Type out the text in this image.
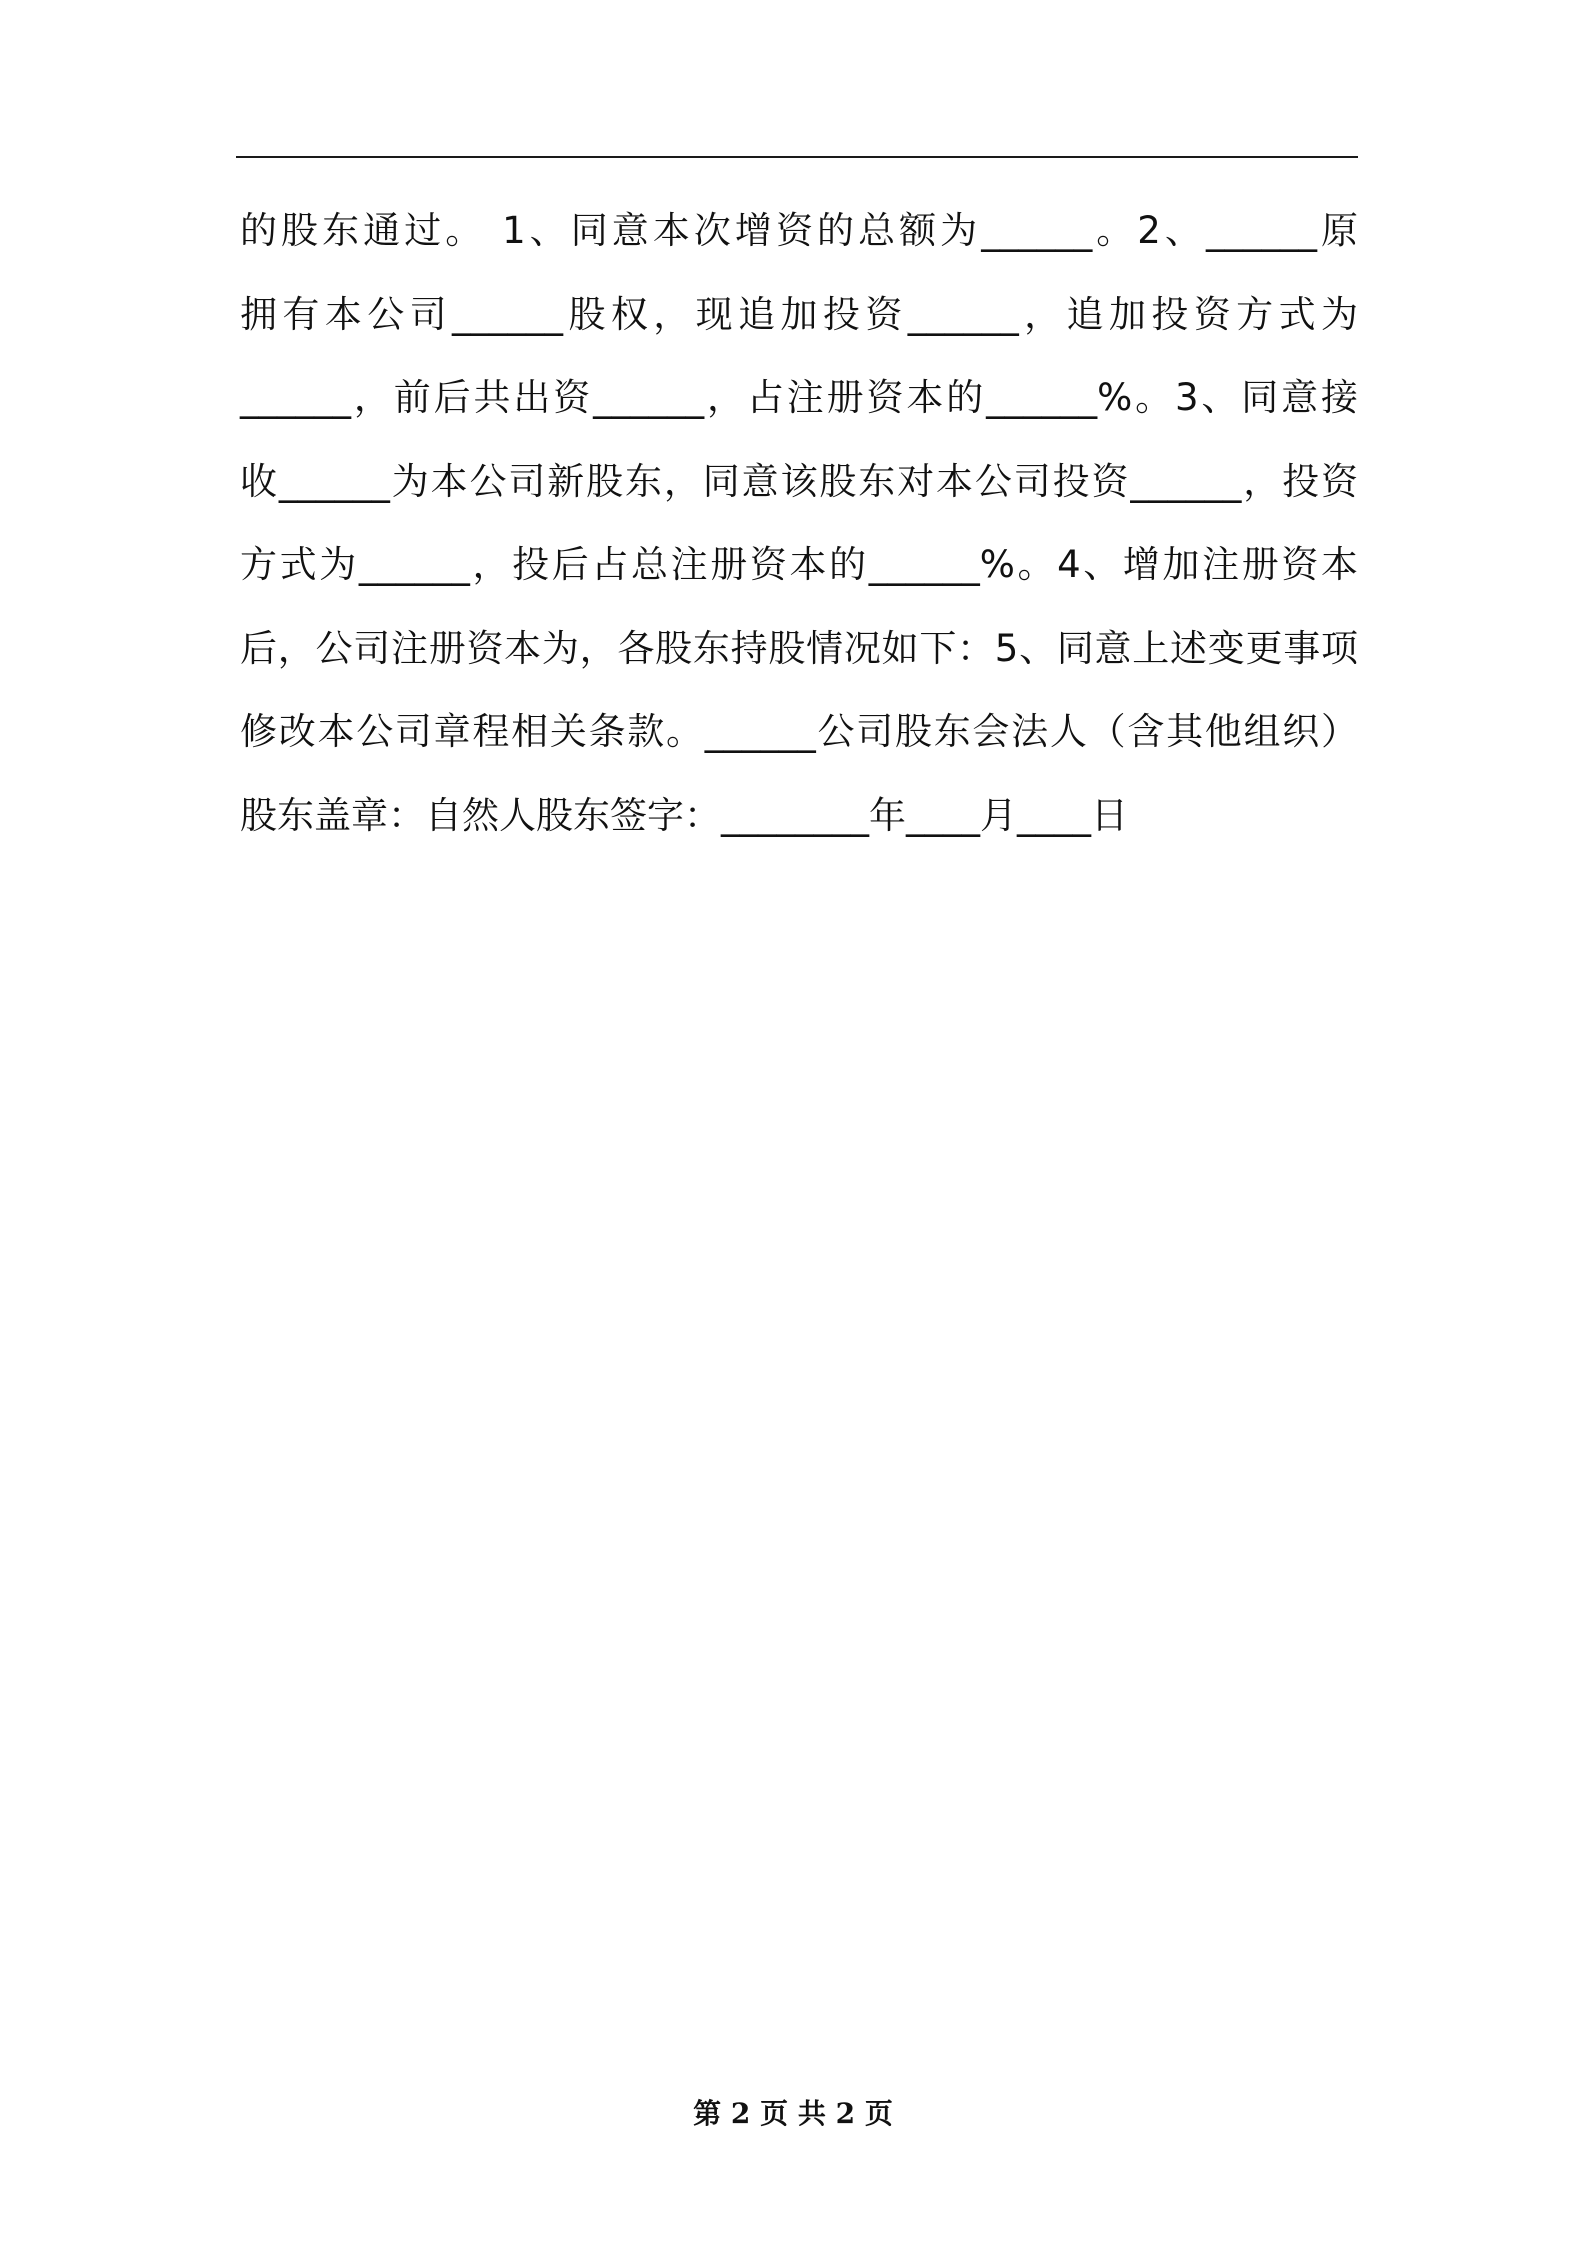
的股东通过。 1、同意本次增资的总额为______。2、______原
拥有本公司______股权，现追加投资______，追加投资方式为
______，前后共出资______，占注册资本的______%。3、同意接
收______为本公司新股东，同意该股东对本公司投资______，投资
方式为______，投后占总注册资本的______%。4、增加注册资本
后，公司注册资本为，各股东持股情况如下：5、同意上述变更事项
修改本公司章程相关条款。______公司股东会法人（含其他组织）
股东盖章：自然人股东签字：________年____月____日
第 2 页 共 2 页
